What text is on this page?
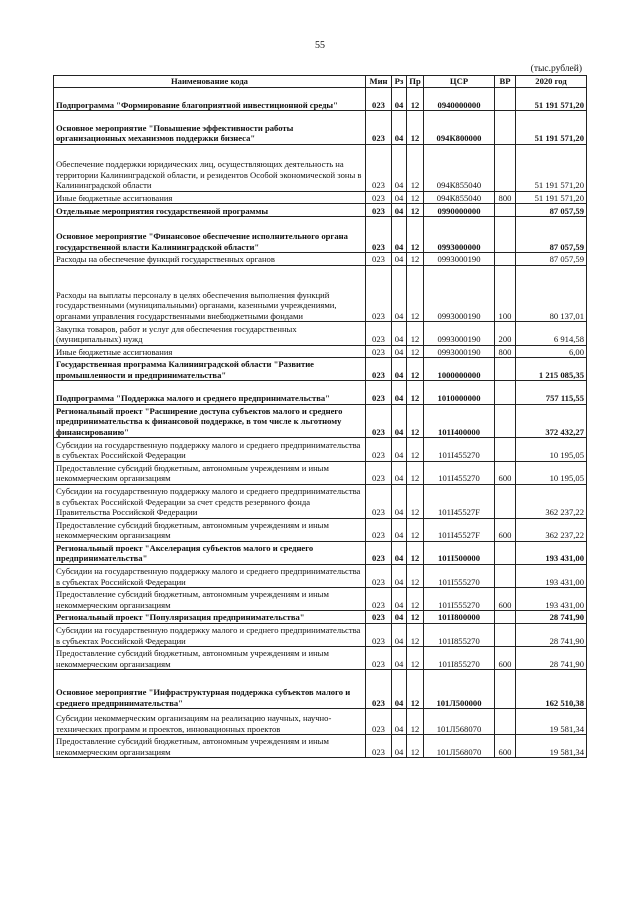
55
(тыс.рублей)
Наименование кода	Мин	Рз	Пр	ЦСР	ВР	2020 год
Подпрограмма "Формирование благоприятной инвестиционной среды"	023	04	12	0940000000		51 191 571,20
Основное мероприятие "Повышение эффективности работы организационных механизмов поддержки бизнеса"	023	04	12	094К800000		51 191 571,20
Обеспечение поддержки юридических лиц, осуществляющих деятельность на территории Калининградской области, и резидентов Особой экономической зоны в Калининградской области	023	04	12	094К855040		51 191 571,20
Иные бюджетные ассигнования	023	04	12	094К855040	800	51 191 571,20
Отдельные мероприятия государственной программы	023	04	12	0990000000		87 057,59
Основное мероприятие "Финансовое обеспечение исполнительного органа государственной власти Калининградской области"	023	04	12	0993000000		87 057,59
Расходы на обеспечение функций государственных органов	023	04	12	0993000190		87 057,59
Расходы на выплаты персоналу в целях обеспечения выполнения функций государственными (муниципальными) органами, казенными учреждениями, органами управления государственными внебюджетными фондами	023	04	12	0993000190	100	80 137,01
Закупка товаров, работ и услуг для обеспечения государственных (муниципальных) нужд	023	04	12	0993000190	200	6 914,58
Иные бюджетные ассигнования	023	04	12	0993000190	800	6,00
Государственная программа Калининградской области "Развитие промышленности и предпринимательства"	023	04	12	1000000000		1 215 085,35
Подпрограмма "Поддержка малого и среднего предпринимательства"	023	04	12	1010000000		757 115,55
Региональный проект "Расширение доступа субъектов малого и среднего предпринимательства к финансовой поддержке, в том числе к льготному финансированию"	023	04	12	101I400000		372 432,27
Субсидии на государственную поддержку малого и среднего предпринимательства в субъектах Российской Федерации	023	04	12	101I455270		10 195,05
Предоставление субсидий бюджетным, автономным учреждениям и иным некоммерческим организациям	023	04	12	101I455270	600	10 195,05
Субсидии на государственную поддержку малого и среднего предпринимательства в субъектах Российской Федерации за счет средств резервного фонда Правительства Российской Федерации	023	04	12	101I45527F		362 237,22
Предоставление субсидий бюджетным, автономным учреждениям и иным некоммерческим организациям	023	04	12	101I45527F	600	362 237,22
Региональный проект "Акселерация субъектов малого и среднего предпринимательства"	023	04	12	101I500000		193 431,00
Субсидии на государственную поддержку малого и среднего предпринимательства в субъектах Российской Федерации	023	04	12	101I555270		193 431,00
Предоставление субсидий бюджетным, автономным учреждениям и иным некоммерческим организациям	023	04	12	101I555270	600	193 431,00
Региональный проект "Популяризация предпринимательства"	023	04	12	101I800000		28 741,90
Субсидии на государственную поддержку малого и среднего предпринимательства в субъектах Российской Федерации	023	04	12	101I855270		28 741,90
Предоставление субсидий бюджетным, автономным учреждениям и иным некоммерческим организациям	023	04	12	101I855270	600	28 741,90
Основное мероприятие "Инфраструктурная поддержка субъектов малого и среднего предпринимательства"	023	04	12	101Л500000		162 510,38
Субсидии некоммерческим организациям на реализацию научных, научно-технических программ и проектов, инновационных проектов	023	04	12	101Л568070		19 581,34
Предоставление субсидий бюджетным, автономным учреждениям и иным некоммерческим организациям	023	04	12	101Л568070	600	19 581,34
